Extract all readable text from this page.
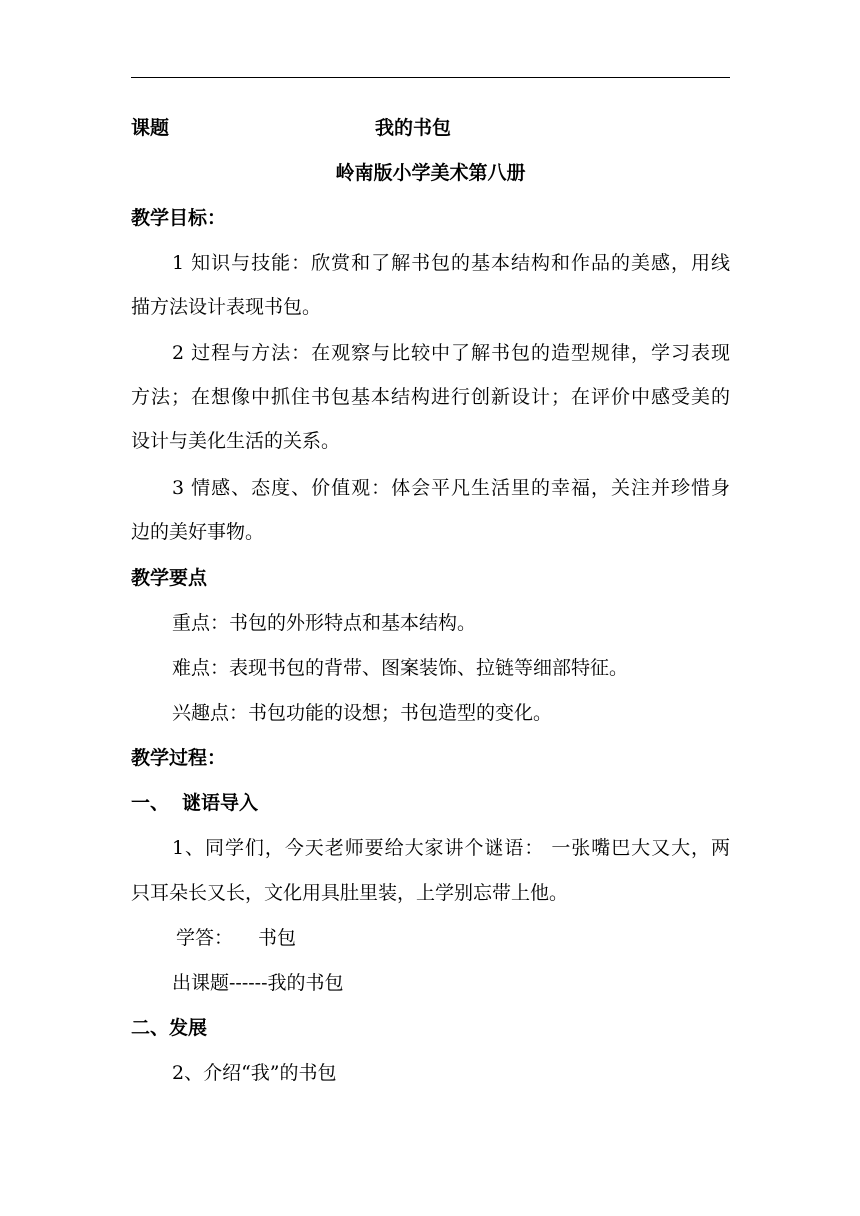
课题	我的书包
岭南版小学美术第八册
教学目标：
1 知识与技能：欣赏和了解书包的基本结构和作品的美感，用线
描方法设计表现书包。
2 过程与方法：在观察与比较中了解书包的造型规律，学习表现
方法；在想像中抓住书包基本结构进行创新设计；在评价中感受美的
设计与美化生活的关系。
3 情感、态度、价值观：体会平凡生活里的幸福，关注并珍惜身
边的美好事物。
教学要点
重点：书包的外形特点和基本结构。
难点：表现书包的背带、图案装饰、拉链等细部特征。
兴趣点：书包功能的设想；书包造型的变化。
教学过程：
一、 谜语导入
1、同学们，今天老师要给大家讲个谜语： 一张嘴巴大又大，两
只耳朵长又长，文化用具肚里装，上学别忘带上他。
学答： 书包
出课题------我的书包
二、发展
2、介绍“我”的书包
